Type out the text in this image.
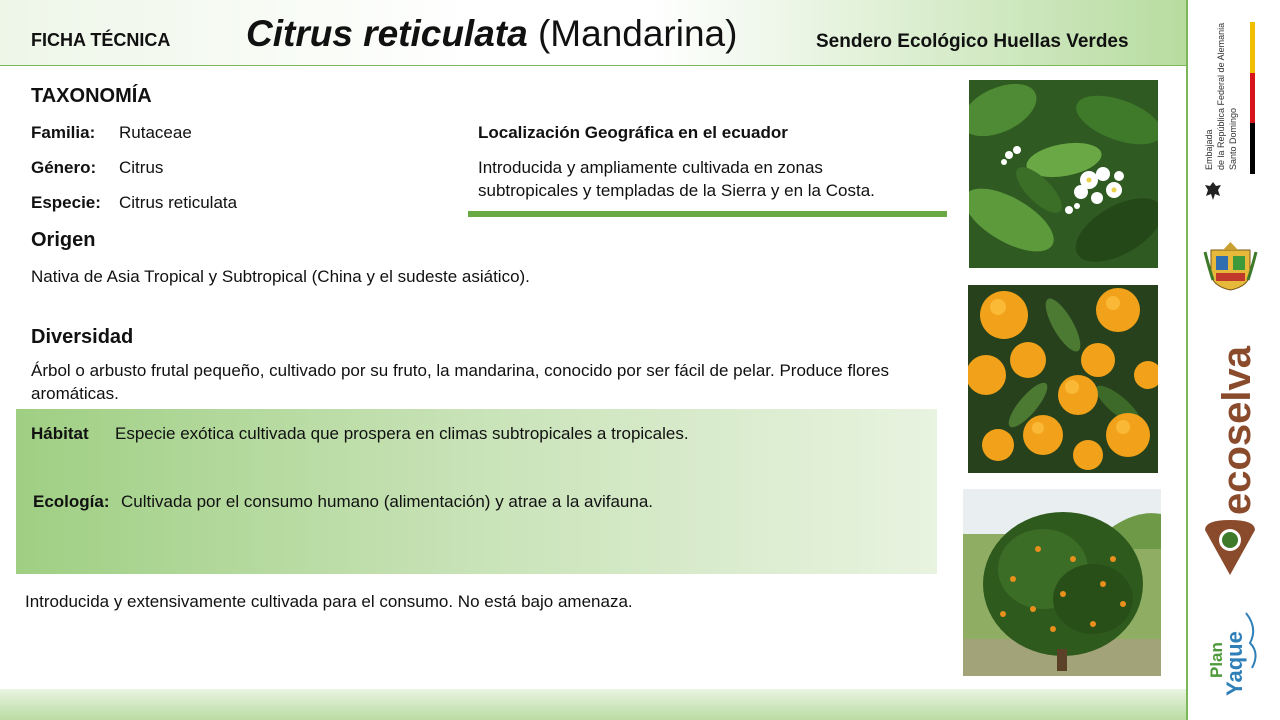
FICHA TÉCNICA Citrus reticulata (Mandarina)	Sendero Ecológico Huellas Verdes
TAXONOMÍA
Familia: Rutaceae
Género: Citrus
Especie: Citrus reticulata
Localización Geográfica en el ecuador
Introducida y ampliamente cultivada en zonas subtropicales y templadas de la Sierra y en la Costa.
Origen
Nativa de Asia Tropical y Subtropical (China y el sudeste asiático).
Diversidad
Árbol o arbusto frutal pequeño, cultivado por su fruto, la mandarina, conocido por ser fácil de pelar. Produce flores aromáticas.
Hábitat Especie exótica cultivada que prospera en climas subtropicales a tropicales.
Ecología: Cultivada por el consumo humano (alimentación) y atrae a la avifauna.
Introducida y extensivamente cultivada para el consumo. No está bajo amenaza.
Embajada de la República Federal de Alemania Santo Domingo
ecoselva
Plan
Yaque
